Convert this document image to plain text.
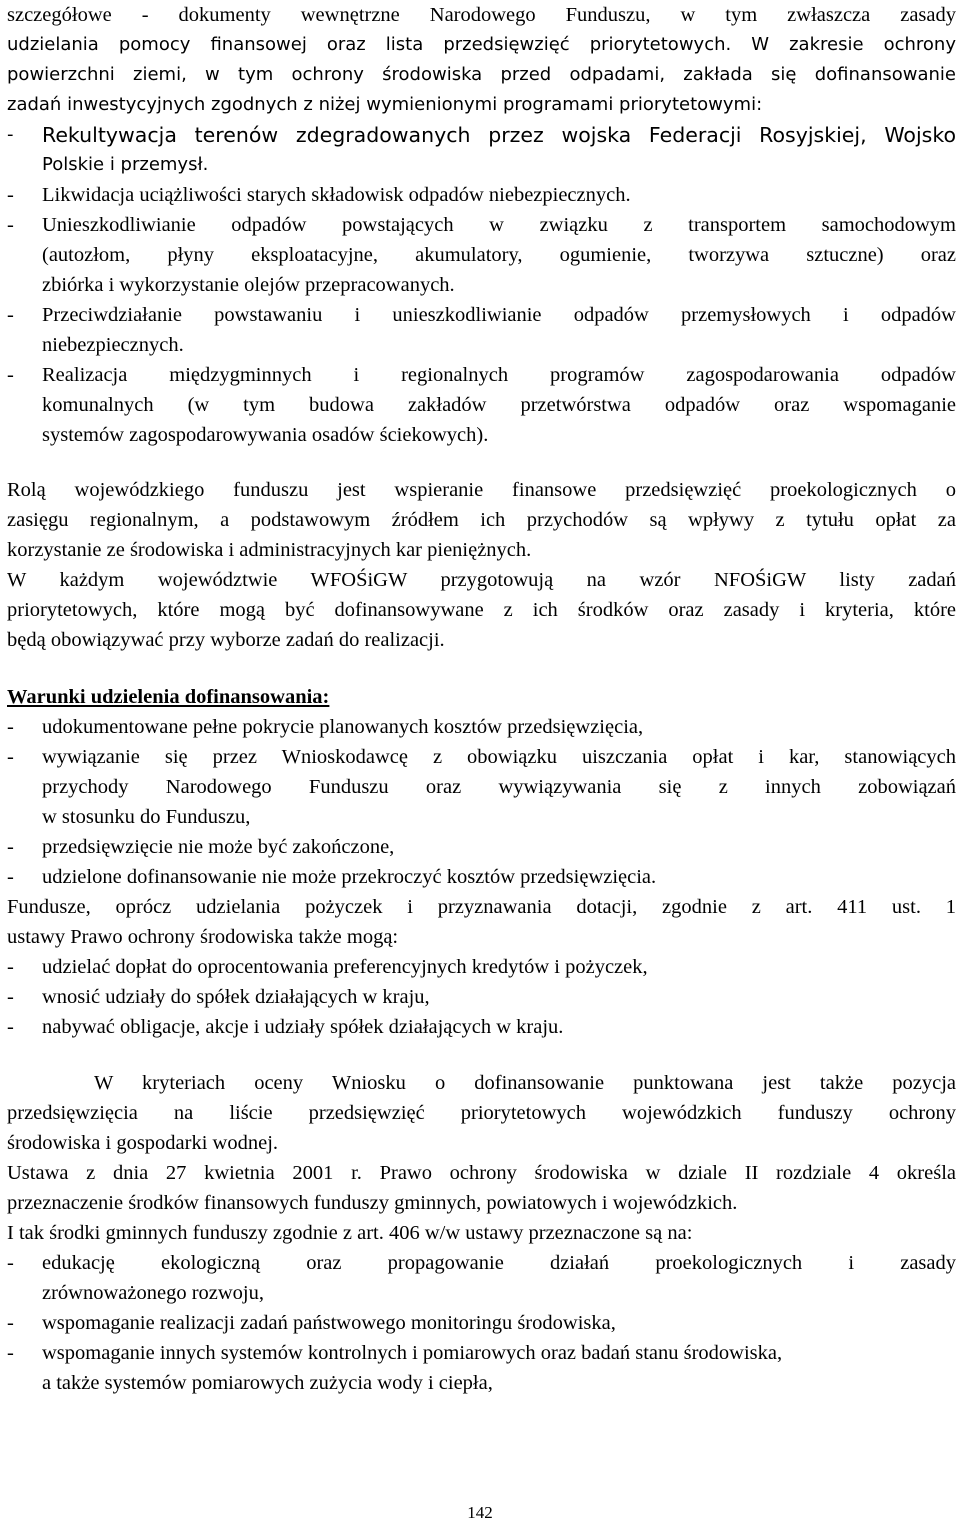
szczegółowe - dokumenty wewnętrzne Narodowego Funduszu, w tym zwłaszcza zasady
udzielania pomocy finansowej oraz lista przedsięwzięć priorytetowych. W zakresie ochrony
powierzchni ziemi, w tym ochrony środowiska przed odpadami, zakłada się dofinansowanie
zadań inwestycyjnych zgodnych z niżej wymienionymi programami priorytetowymi:
-	Rekultywacja terenów zdegradowanych przez wojska Federacji Rosyjskiej, Wojsko
Polskie i przemysł.
-	Likwidacja uciążliwości starych składowisk odpadów niebezpiecznych.
-	Unieszkodliwianie odpadów powstających w związku z transportem samochodowym
(autozłom, płyny eksploatacyjne, akumulatory, ogumienie, tworzywa sztuczne) oraz
zbiórka i wykorzystanie olejów przepracowanych.
-	Przeciwdziałanie powstawaniu i unieszkodliwianie odpadów przemysłowych i odpadów
niebezpiecznych.
-	Realizacja międzygminnych i regionalnych programów zagospodarowania odpadów
komunalnych (w tym budowa zakładów przetwórstwa odpadów oraz wspomaganie
systemów zagospodarowywania osadów ściekowych).
Rolą wojewódzkiego funduszu jest wspieranie finansowe przedsięwzięć proekologicznych o
zasięgu regionalnym, a podstawowym źródłem ich przychodów są wpływy z tytułu opłat za
korzystanie ze środowiska i administracyjnych kar pieniężnych.
W każdym województwie WFOŚiGW przygotowują na wzór NFOŚiGW listy zadań
priorytetowych, które mogą być dofinansowywane z ich środków oraz zasady i kryteria, które
będą obowiązywać przy wyborze zadań do realizacji.
Warunki udzielenia dofinansowania:
-	udokumentowane pełne pokrycie planowanych kosztów przedsięwzięcia,
-	wywiązanie się przez Wnioskodawcę z obowiązku uiszczania opłat i kar, stanowiących
przychody Narodowego Funduszu oraz wywiązywania się z innych zobowiązań
w stosunku do Funduszu,
-	przedsięwzięcie nie może być zakończone,
-	udzielone dofinansowanie nie może przekroczyć kosztów przedsięwzięcia.
Fundusze, oprócz udzielania pożyczek i przyznawania dotacji, zgodnie z art. 411 ust. 1
ustawy Prawo ochrony środowiska także mogą:
-	udzielać dopłat do oprocentowania preferencyjnych kredytów i pożyczek,
-	wnosić udziały do spółek działających w kraju,
-	nabywać obligacje, akcje i udziały spółek działających w kraju.
W kryteriach oceny Wniosku o dofinansowanie punktowana jest także pozycja
przedsięwzięcia na liście przedsięwzięć priorytetowych wojewódzkich funduszy ochrony
środowiska i gospodarki wodnej.
Ustawa z dnia 27 kwietnia 2001 r. Prawo ochrony środowiska w dziale II rozdziale 4 określa
przeznaczenie środków finansowych funduszy gminnych, powiatowych i wojewódzkich.
I tak środki gminnych funduszy zgodnie z art. 406 w/w ustawy przeznaczone są na:
-	edukację ekologiczną oraz propagowanie działań proekologicznych i zasady
zrównoważonego rozwoju,
-	wspomaganie realizacji zadań państwowego monitoringu środowiska,
-	wspomaganie innych systemów kontrolnych i pomiarowych oraz badań stanu środowiska,
a także systemów pomiarowych zużycia wody i ciepła,
142
